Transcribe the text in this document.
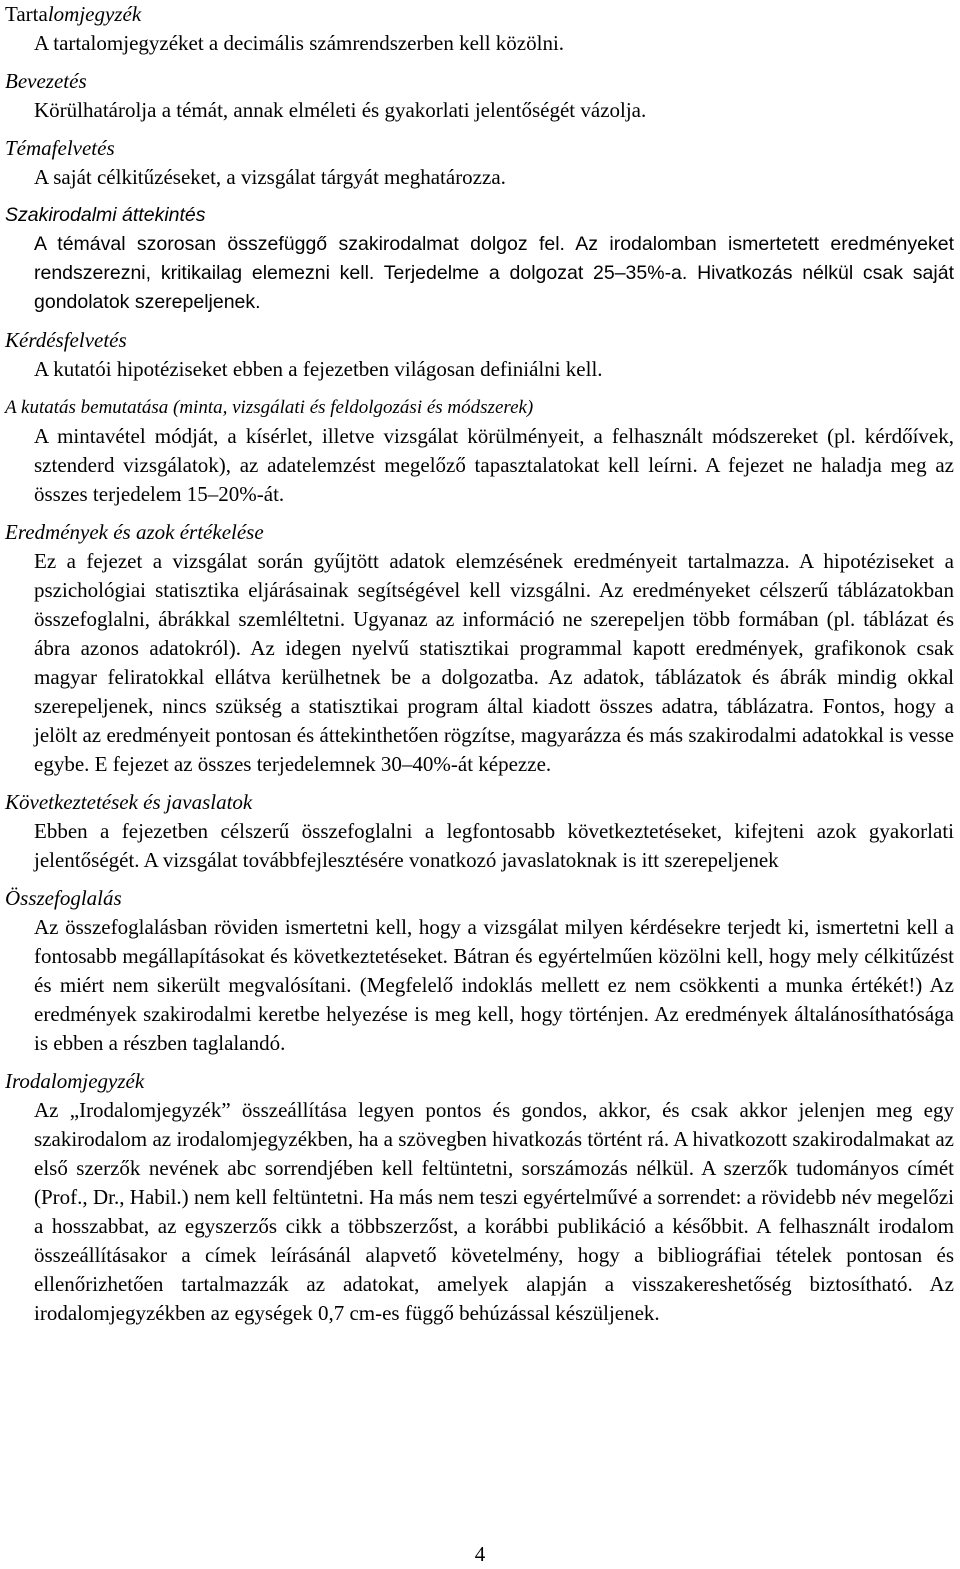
Tartalomjegyzék
A tartalomjegyzéket a decimális számrendszerben kell közölni.
Bevezetés
Körülhatárolja a témát, annak elméleti és gyakorlati jelentőségét vázolja.
Témafelvetés
A saját célkitűzéseket, a vizsgálat tárgyát meghatározza.
Szakirodalmi áttekintés
A témával szorosan összefüggő szakirodalmat dolgoz fel. Az irodalomban ismertetett eredményeket rendszerezni, kritikailag elemezni kell. Terjedelme a dolgozat 25–35%-a. Hivatkozás nélkül csak saját gondolatok szerepeljenek.
Kérdésfelvetés
A kutatói hipotéziseket ebben a fejezetben világosan definiálni kell.
A kutatás bemutatása (minta, vizsgálati és feldolgozási és módszerek)
A mintavétel módját, a kísérlet, illetve vizsgálat körülményeit, a felhasznált módszereket (pl. kérdőívek, sztenderd vizsgálatok), az adatelemzést megelőző tapasztalatokat kell leírni. A fejezet ne haladja meg az összes terjedelem 15–20%-át.
Eredmények és azok értékelése
Ez a fejezet a vizsgálat során gyűjtött adatok elemzésének eredményeit tartalmazza. A hipotéziseket a pszichológiai statisztika eljárásainak segítségével kell vizsgálni. Az eredményeket célszerű táblázatokban összefoglalni, ábrákkal szemléltetni. Ugyanaz az információ ne szerepeljen több formában (pl. táblázat és ábra azonos adatokról). Az idegen nyelvű statisztikai programmal kapott eredmények, grafikonok csak magyar feliratokkal ellátva kerülhetnek be a dolgozatba. Az adatok, táblázatok és ábrák mindig okkal szerepeljenek, nincs szükség a statisztikai program által kiadott összes adatra, táblázatra. Fontos, hogy a jelölt az eredményeit pontosan és áttekinthetően rögzítse, magyarázza és más szakirodalmi adatokkal is vesse egybe. E fejezet az összes terjedelemnek 30–40%-át képezze.
Következtetések és javaslatok
Ebben a fejezetben célszerű összefoglalni a legfontosabb következtetéseket, kifejteni azok gyakorlati jelentőségét. A vizsgálat továbbfejlesztésére vonatkozó javaslatoknak is itt szerepeljenek
Összefoglalás
Az összefoglalásban röviden ismertetni kell, hogy a vizsgálat milyen kérdésekre terjedt ki, ismertetni kell a fontosabb megállapításokat és következtetéseket. Bátran és egyértelműen közölni kell, hogy mely célkitűzést és miért nem sikerült megvalósítani. (Megfelelő indoklás mellett ez nem csökkenti a munka értékét!) Az eredmények szakirodalmi keretbe helyezése is meg kell, hogy történjen. Az eredmények általánosíthatósága is ebben a részben taglalandó.
Irodalomjegyzék
Az „Irodalomjegyzék” összeállítása legyen pontos és gondos, akkor, és csak akkor jelenjen meg egy szakirodalom az irodalomjegyzékben, ha a szövegben hivatkozás történt rá. A hivatkozott szakirodalmakat az első szerzők nevének abc sorrendjében kell feltüntetni, sorszámozás nélkül. A szerzők tudományos címét (Prof., Dr., Habil.) nem kell feltüntetni. Ha más nem teszi egyértelművé a sorrendet: a rövidebb név megelőzi a hosszabbat, az egyszerzős cikk a többszerzőst, a korábbi publikáció a későbbit. A felhasznált irodalom összeállításakor a címek leírásánál alapvető követelmény, hogy a bibliográfiai tételek pontosan és ellenőrizhetően tartalmazzák az adatokat, amelyek alapján a visszakereshetőség biztosítható. Az irodalomjegyzékben az egységek 0,7 cm-es függő behúzással készüljenek.
4
